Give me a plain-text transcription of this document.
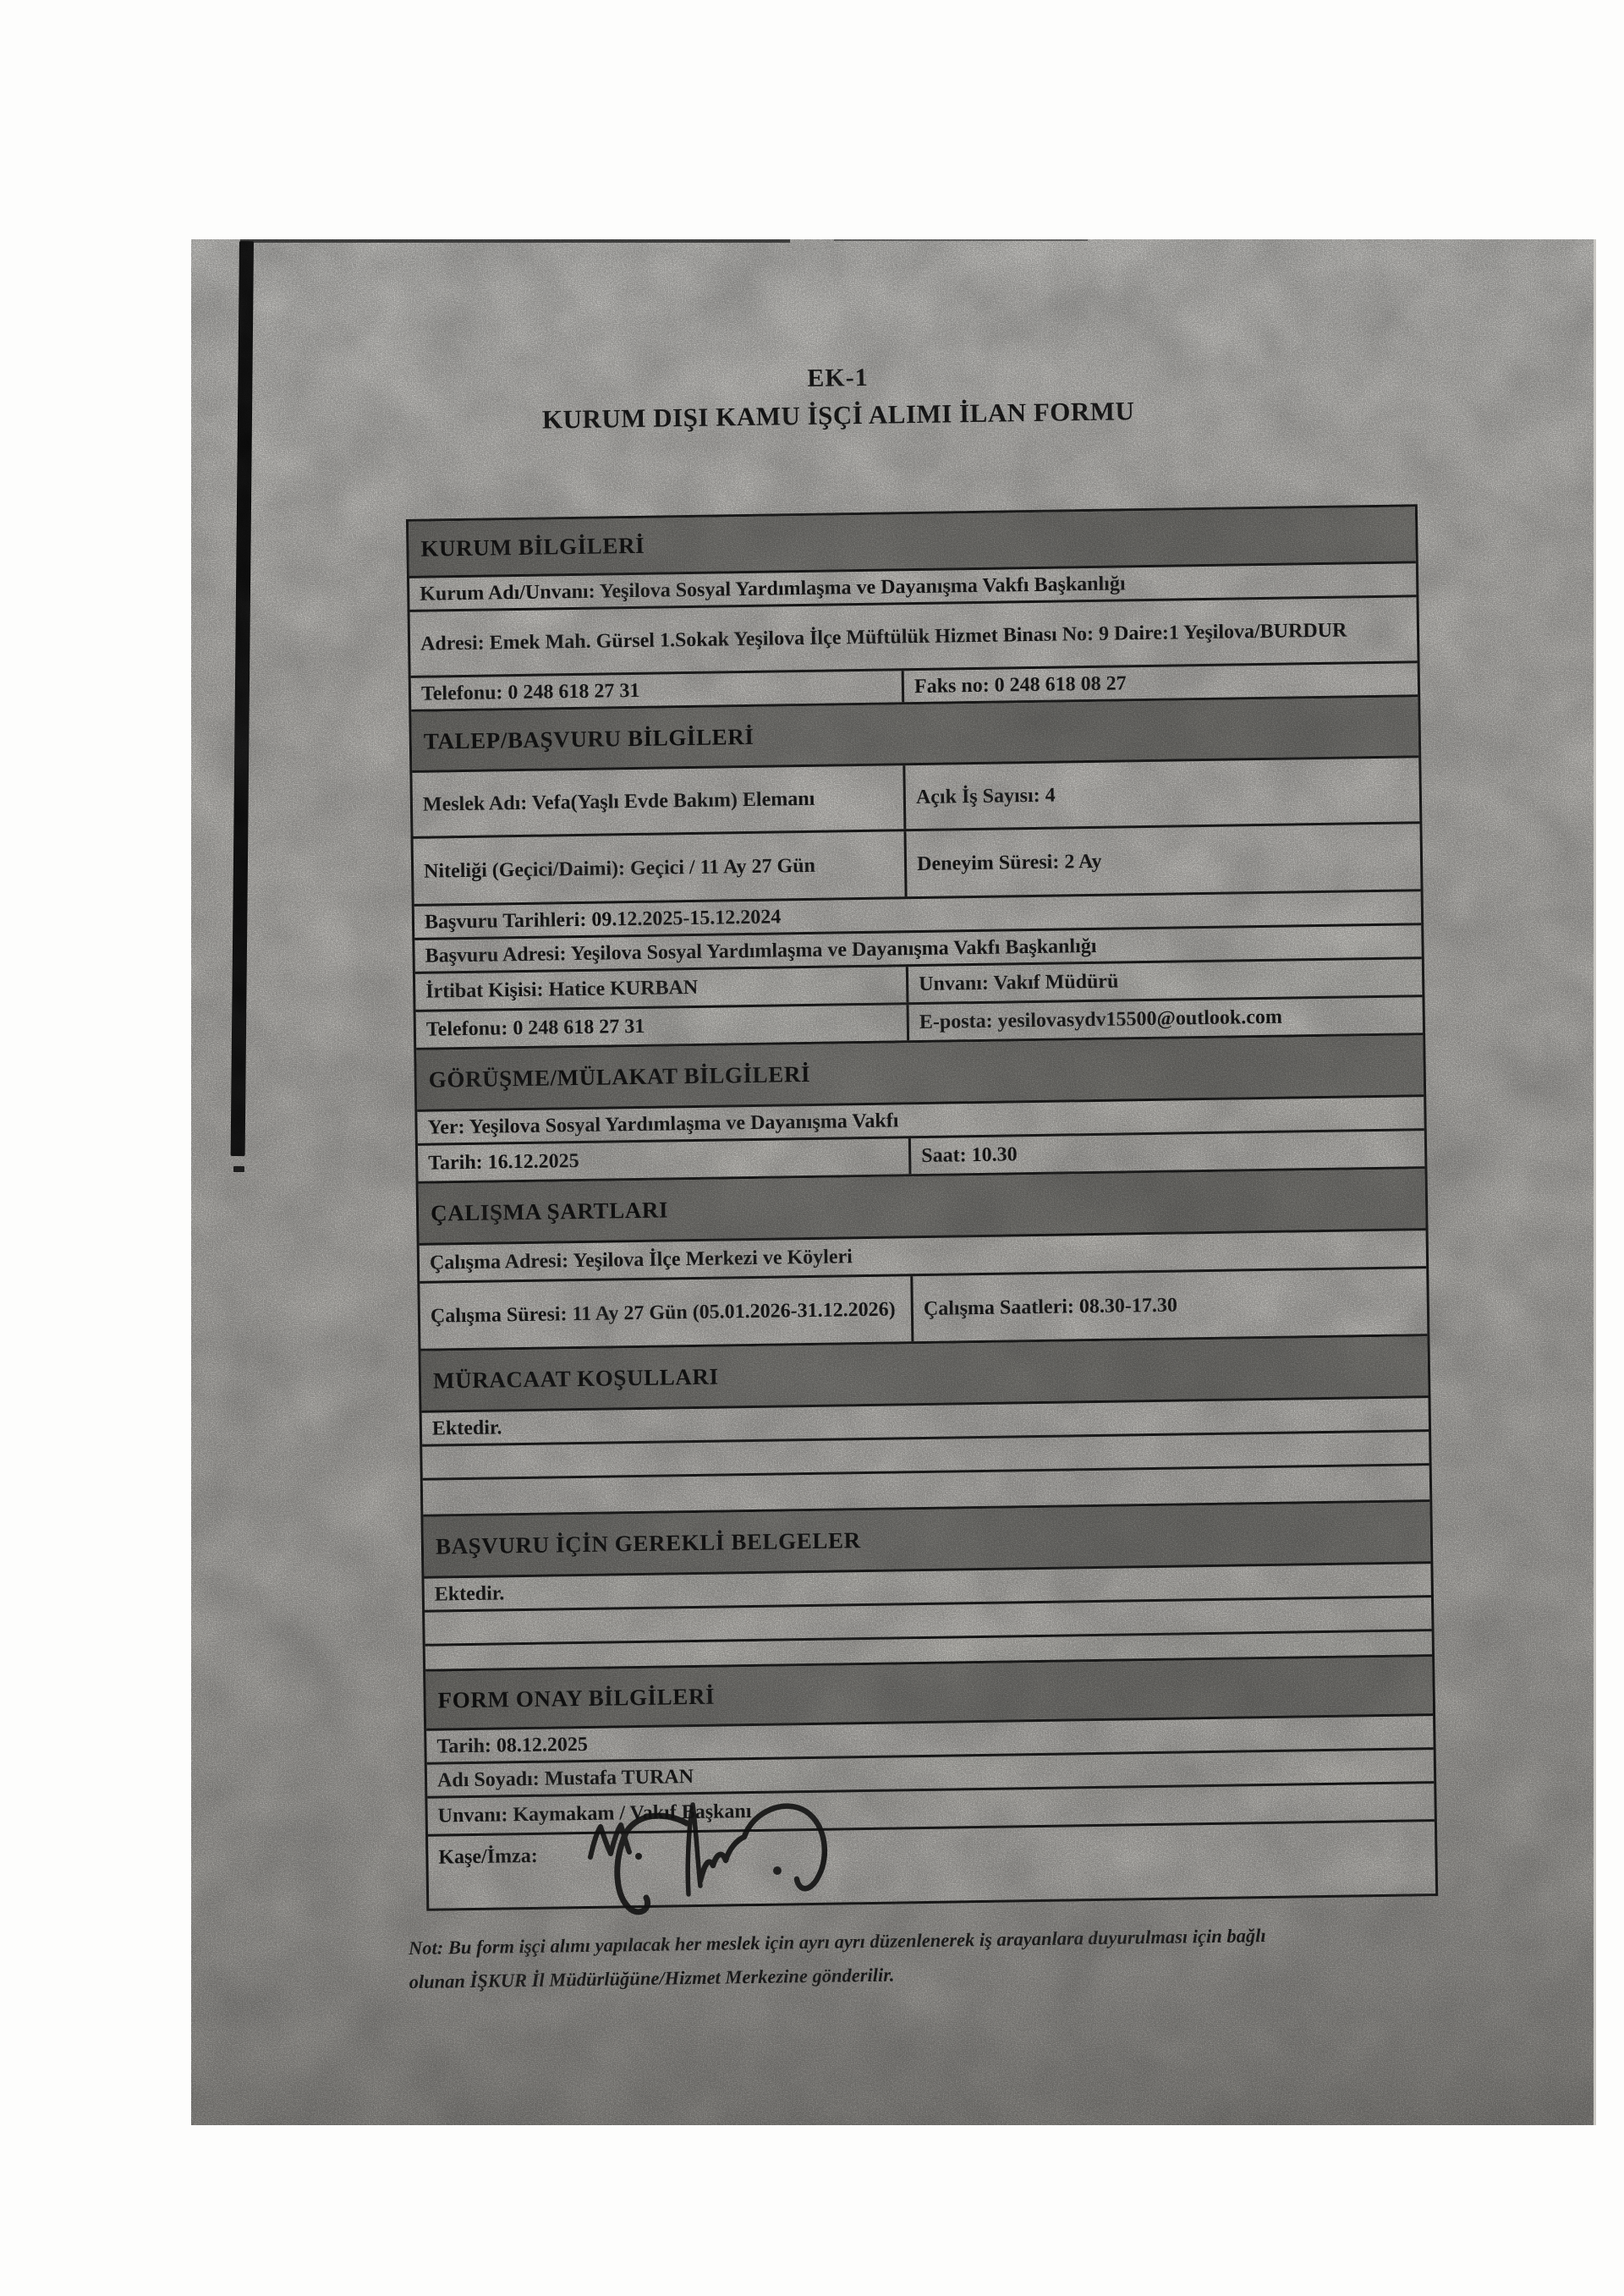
EK-1
KURUM DIŞI KAMU İŞÇİ ALIMI İLAN FORMU
KURUM BİLGİLERİ
Kurum Adı/Unvanı: Yeşilova Sosyal Yardımlaşma ve Dayanışma Vakfı Başkanlığı
Adresi: Emek Mah. Gürsel 1.Sokak Yeşilova İlçe Müftülük Hizmet Binası No: 9 Daire:1 Yeşilova/BURDUR
Telefonu: 0 248 618 27 31	Faks no: 0 248 618 08 27
TALEP/BAŞVURU BİLGİLERİ
Meslek Adı: Vefa(Yaşlı Evde Bakım) Elemanı	Açık İş Sayısı: 4
Niteliği (Geçici/Daimi): Geçici / 11 Ay 27 Gün	Deneyim Süresi: 2 Ay
Başvuru Tarihleri: 09.12.2025-15.12.2024
Başvuru Adresi: Yeşilova Sosyal Yardımlaşma ve Dayanışma Vakfı Başkanlığı
İrtibat Kişisi: Hatice KURBAN	Unvanı: Vakıf Müdürü
Telefonu: 0 248 618 27 31	E-posta: yesilovasydv15500@outlook.com
GÖRÜŞME/MÜLAKAT BİLGİLERİ
Yer: Yeşilova Sosyal Yardımlaşma ve Dayanışma Vakfı
Tarih: 16.12.2025	Saat: 10.30
ÇALIŞMA ŞARTLARI
Çalışma Adresi: Yeşilova İlçe Merkezi ve Köyleri
Çalışma Süresi: 11 Ay 27 Gün (05.01.2026-31.12.2026)	Çalışma Saatleri: 08.30-17.30
MÜRACAAT KOŞULLARI
Ektedir.
BAŞVURU İÇİN GEREKLİ BELGELER
Ektedir.
FORM ONAY BİLGİLERİ
Tarih: 08.12.2025
Adı Soyadı: Mustafa TURAN
Unvanı: Kaymakam / Vakıf Başkanı
Kaşe/İmza:
Not: Bu form işçi alımı yapılacak her meslek için ayrı ayrı düzenlenerek iş arayanlara duyurulması için bağlı
olunan İŞKUR İl Müdürlüğüne/Hizmet Merkezine gönderilir.
